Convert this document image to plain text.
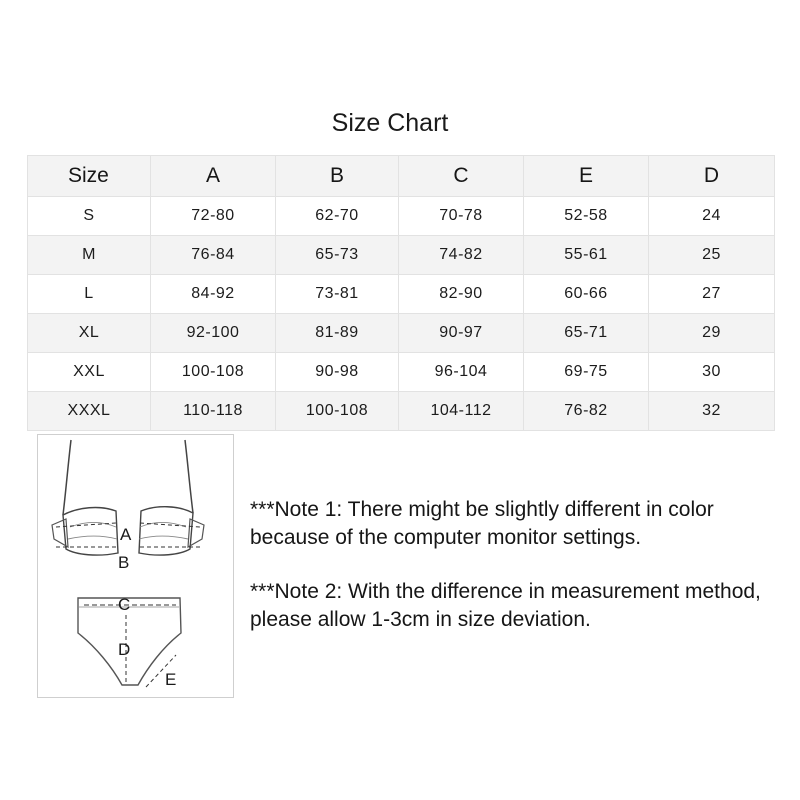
Size Chart
Size	A	B	C	E	D
S	72-80	62-70	70-78	52-58	24
M	76-84	65-73	74-82	55-61	25
L	84-92	73-81	82-90	60-66	27
XL	92-100	81-89	90-97	65-71	29
XXL	100-108	90-98	96-104	69-75	30
XXXL	110-118	100-108	104-112	76-82	32
A
B
C
D
E

***Note 1: There might be slightly different in color because of the computer monitor settings.

***Note 2: With the difference in measurement method, please allow 1-3cm in size deviation.
